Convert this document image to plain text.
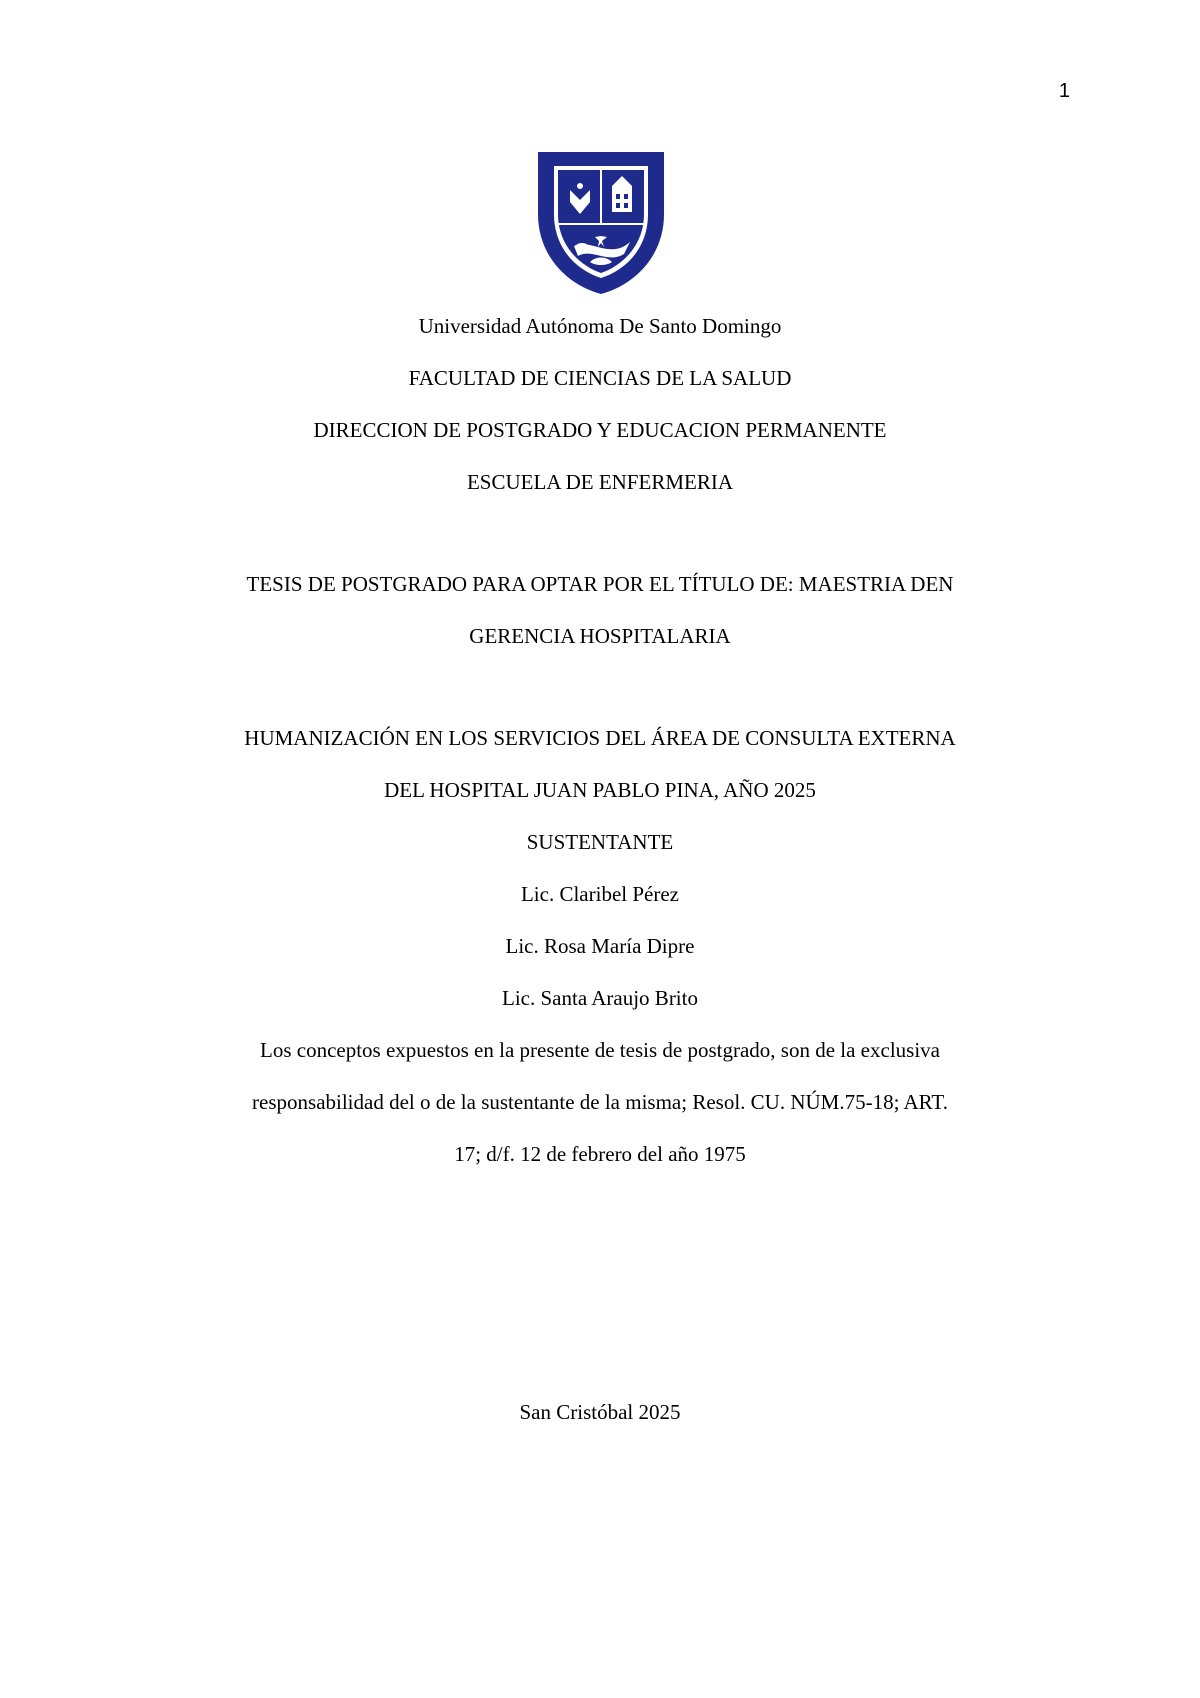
1
Universidad Autónoma De Santo Domingo
FACULTAD DE CIENCIAS DE LA SALUD
DIRECCION DE POSTGRADO Y EDUCACION PERMANENTE
ESCUELA DE ENFERMERIA
TESIS DE POSTGRADO PARA OPTAR POR EL TÍTULO DE: MAESTRIA DEN
GERENCIA HOSPITALARIA
HUMANIZACIÓN EN LOS SERVICIOS DEL ÁREA DE CONSULTA EXTERNA
DEL HOSPITAL JUAN PABLO PINA, AÑO 2025
SUSTENTANTE
Lic. Claribel Pérez
Lic. Rosa María Dipre
Lic. Santa Araujo Brito
Los conceptos expuestos en la presente de tesis de postgrado, son de la exclusiva
responsabilidad del o de la sustentante de la misma; Resol. CU. NÚM.75-18; ART.
17; d/f. 12 de febrero del año 1975
San Cristóbal 2025
